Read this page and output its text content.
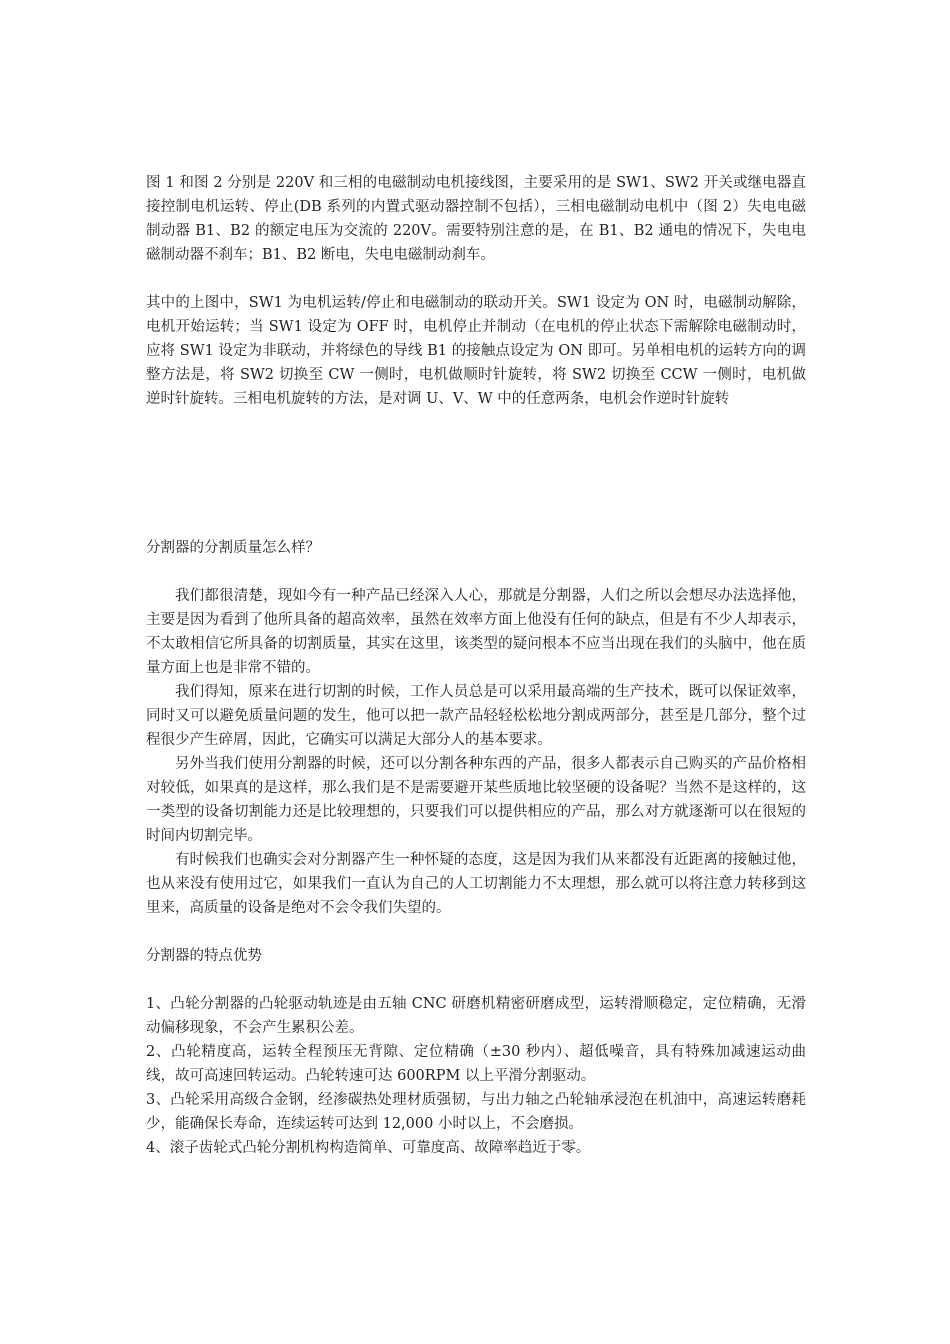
图 1 和图 2 分别是 220V 和三相的电磁制动电机接线图，主要采用的是 SW1、SW2 开关或继电器直接控制电机运转、停止(DB 系列的内置式驱动器控制不包括），三相电磁制动电机中（图 2）失电电磁制动器 B1、B2 的额定电压为交流的 220V。需要特别注意的是，在 B1、B2 通电的情况下，失电电磁制动器不刹车；B1、B2 断电，失电电磁制动刹车。

其中的上图中，SW1 为电机运转/停止和电磁制动的联动开关。SW1 设定为 ON 时，电磁制动解除，电机开始运转；当 SW1 设定为 OFF 时，电机停止并制动（在电机的停止状态下需解除电磁制动时，应将 SW1 设定为非联动，并将绿色的导线 B1 的接触点设定为 ON 即可。另单相电机的运转方向的调整方法是，将 SW2 切换至 CW 一侧时，电机做顺时针旋转，将 SW2 切换至 CCW 一侧时，电机做逆时针旋转。三相电机旋转的方法，是对调 U、V、W 中的任意两条，电机会作逆时针旋转

分割器的分割质量怎么样？

我们都很清楚，现如今有一种产品已经深入人心，那就是分割器，人们之所以会想尽办法选择他，主要是因为看到了他所具备的超高效率，虽然在效率方面上他没有任何的缺点，但是有不少人却表示，不太敢相信它所具备的切割质量，其实在这里，该类型的疑问根本不应当出现在我们的头脑中，他在质量方面上也是非常不错的。

我们得知，原来在进行切割的时候，工作人员总是可以采用最高端的生产技术，既可以保证效率，同时又可以避免质量问题的发生，他可以把一款产品轻轻松松地分割成两部分，甚至是几部分，整个过程很少产生碎屑，因此，它确实可以满足大部分人的基本要求。

另外当我们使用分割器的时候，还可以分割各种东西的产品，很多人都表示自己购买的产品价格相对较低，如果真的是这样，那么我们是不是需要避开某些质地比较坚硬的设备呢？当然不是这样的，这一类型的设备切割能力还是比较理想的，只要我们可以提供相应的产品，那么对方就逐渐可以在很短的时间内切割完毕。

有时候我们也确实会对分割器产生一种怀疑的态度，这是因为我们从来都没有近距离的接触过他，也从来没有使用过它，如果我们一直认为自己的人工切割能力不太理想，那么就可以将注意力转移到这里来，高质量的设备是绝对不会令我们失望的。

分割器的特点优势

1、凸轮分割器的凸轮驱动轨迹是由五轴 CNC 研磨机精密研磨成型，运转滑顺稳定，定位精确，无滑动偏移现象，不会产生累积公差。

2、凸轮精度高，运转全程预压无背隙、定位精确（±30 秒内）、超低噪音，具有特殊加减速运动曲线，故可高速回转运动。凸轮转速可达 600RPM 以上平滑分割驱动。

3、凸轮采用高级合金钢，经渗碳热处理材质强韧，与出力轴之凸轮轴承浸泡在机油中，高速运转磨耗少，能确保长寿命，连续运转可达到 12,000 小时以上，不会磨损。

4、滚子齿轮式凸轮分割机构构造简单、可靠度高、故障率趋近于零。
